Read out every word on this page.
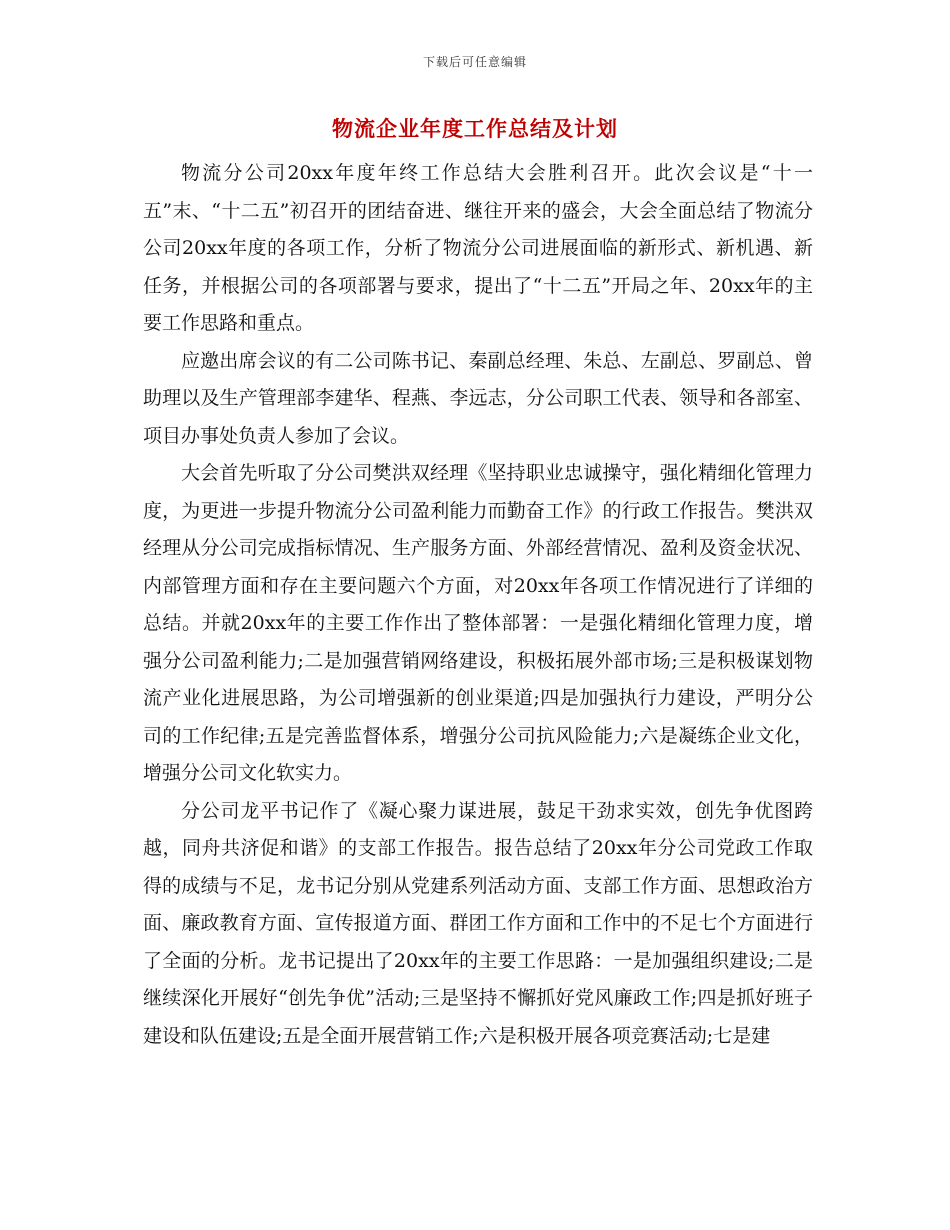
下载后可任意编辑
物流企业年度工作总结及计划

物流分公司20xx年度年终工作总结大会胜利召开。此次会议是“十一五”末、“十二五”初召开的团结奋进、继往开来的盛会，大会全面总结了物流分公司20xx年度的各项工作，分析了物流分公司进展面临的新形式、新机遇、新任务，并根据公司的各项部署与要求，提出了“十二五”开局之年、20xx年的主要工作思路和重点。

应邀出席会议的有二公司陈书记、秦副总经理、朱总、左副总、罗副总、曾助理以及生产管理部李建华、程燕、李远志，分公司职工代表、领导和各部室、项目办事处负责人参加了会议。

大会首先听取了分公司樊洪双经理《坚持职业忠诚操守，强化精细化管理力度，为更进一步提升物流分公司盈利能力而勤奋工作》的行政工作报告。樊洪双经理从分公司完成指标情况、生产服务方面、外部经营情况、盈利及资金状况、内部管理方面和存在主要问题六个方面，对20xx年各项工作情况进行了详细的总结。并就20xx年的主要工作作出了整体部署：一是强化精细化管理力度，增强分公司盈利能力;二是加强营销网络建设，积极拓展外部市场;三是积极谋划物流产业化进展思路，为公司增强新的创业渠道;四是加强执行力建设，严明分公司的工作纪律;五是完善监督体系，增强分公司抗风险能力;六是凝练企业文化，增强分公司文化软实力。

分公司龙平书记作了《凝心聚力谋进展，鼓足干劲求实效，创先争优图跨越，同舟共济促和谐》的支部工作报告。报告总结了20xx年分公司党政工作取得的成绩与不足，龙书记分别从党建系列活动方面、支部工作方面、思想政治方面、廉政教育方面、宣传报道方面、群团工作方面和工作中的不足七个方面进行了全面的分析。龙书记提出了20xx年的主要工作思路：一是加强组织建设;二是继续深化开展好“创先争优”活动;三是坚持不懈抓好党风廉政工作;四是抓好班子建设和队伍建设;五是全面开展营销工作;六是积极开展各项竞赛活动;七是建
